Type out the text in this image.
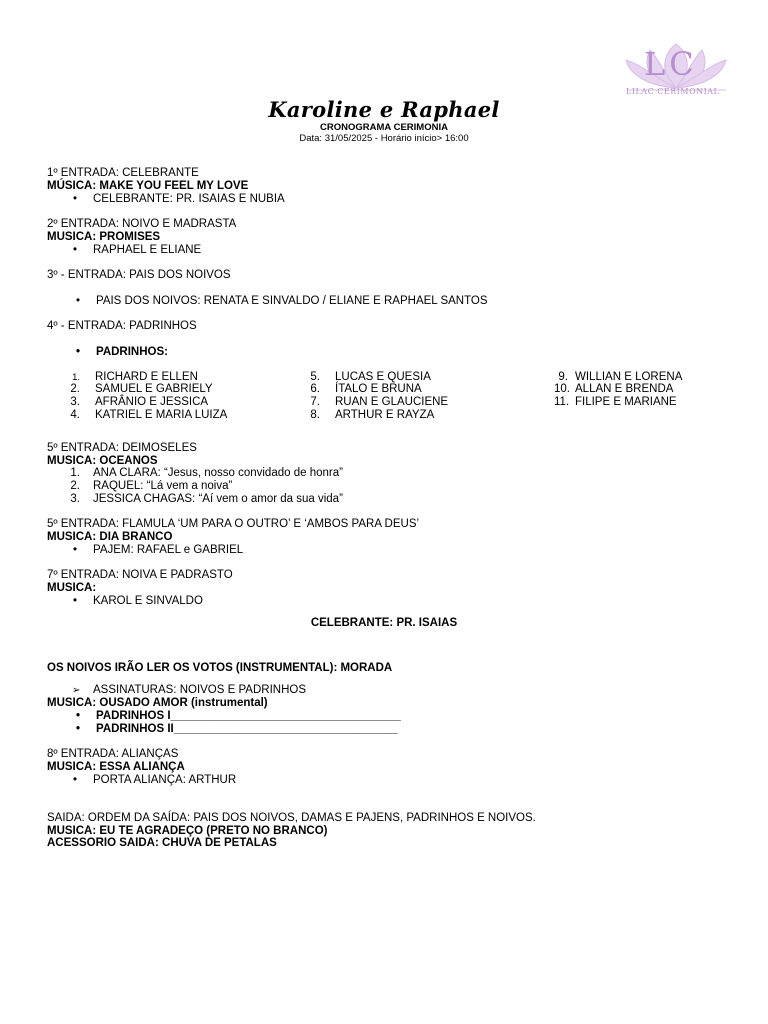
LC
LILAC CERIMONIAL
Karoline e Raphael
CRONOGRAMA CERIMONIA
Data: 31/05/2025 - Horário início> 16:00
1º ENTRADA: CELEBRANTE
MÚSICA: MAKE YOU FEEL MY LOVE
• CELEBRANTE: PR. ISAIAS E NUBIA
2º ENTRADA: NOIVO E MADRASTA
MUSICA: PROMISES
• RAPHAEL E ELIANE
3º - ENTRADA: PAIS DOS NOIVOS
• PAIS DOS NOIVOS: RENATA E SINVALDO / ELIANE E RAPHAEL SANTOS
4º - ENTRADA: PADRINHOS
• PADRINHOS:
1. RICHARD E ELLEN
2. SAMUEL E GABRIELY
3. AFRÂNIO E JESSICA
4. KATRIEL E MARIA LUIZA
5. LUCAS E QUESIA
6. ÍTALO E BRUNA
7. RUAN E GLAUCIENE
8. ARTHUR E RAYZA
9. WILLIAN E LORENA
10. ALLAN E BRENDA
11. FILIPE E MARIANE
5º ENTRADA: DEIMOSELES
MUSICA: OCEANOS
1. ANA CLARA: “Jesus, nosso convidado de honra”
2. RAQUEL: “Lá vem a noiva”
3. JESSICA CHAGAS: “Aí vem o amor da sua vida”
5º ENTRADA: FLAMULA ‘UM PARA O OUTRO’ E ‘AMBOS PARA DEUS’
MUSICA: DIA BRANCO
• PAJEM: RAFAEL e GABRIEL
7º ENTRADA: NOIVA E PADRASTO
MUSICA:
• KAROL E SINVALDO
CELEBRANTE: PR. ISAIAS
OS NOIVOS IRÃO LER OS VOTOS (INSTRUMENTAL): MORADA
➢ ASSINATURAS: NOIVOS E PADRINHOS
MUSICA: OUSADO AMOR (instrumental)
• PADRINHOS I____________________________________
• PADRINHOS II___________________________________
8º ENTRADA: ALIANÇAS
MUSICA: ESSA ALIANÇA
• PORTA ALIANÇA: ARTHUR
SAIDA: ORDEM DA SAÍDA: PAIS DOS NOIVOS, DAMAS E PAJENS, PADRINHOS E NOIVOS.
MUSICA: EU TE AGRADEÇO (PRETO NO BRANCO)
ACESSORIO SAIDA: CHUVA DE PETALAS
